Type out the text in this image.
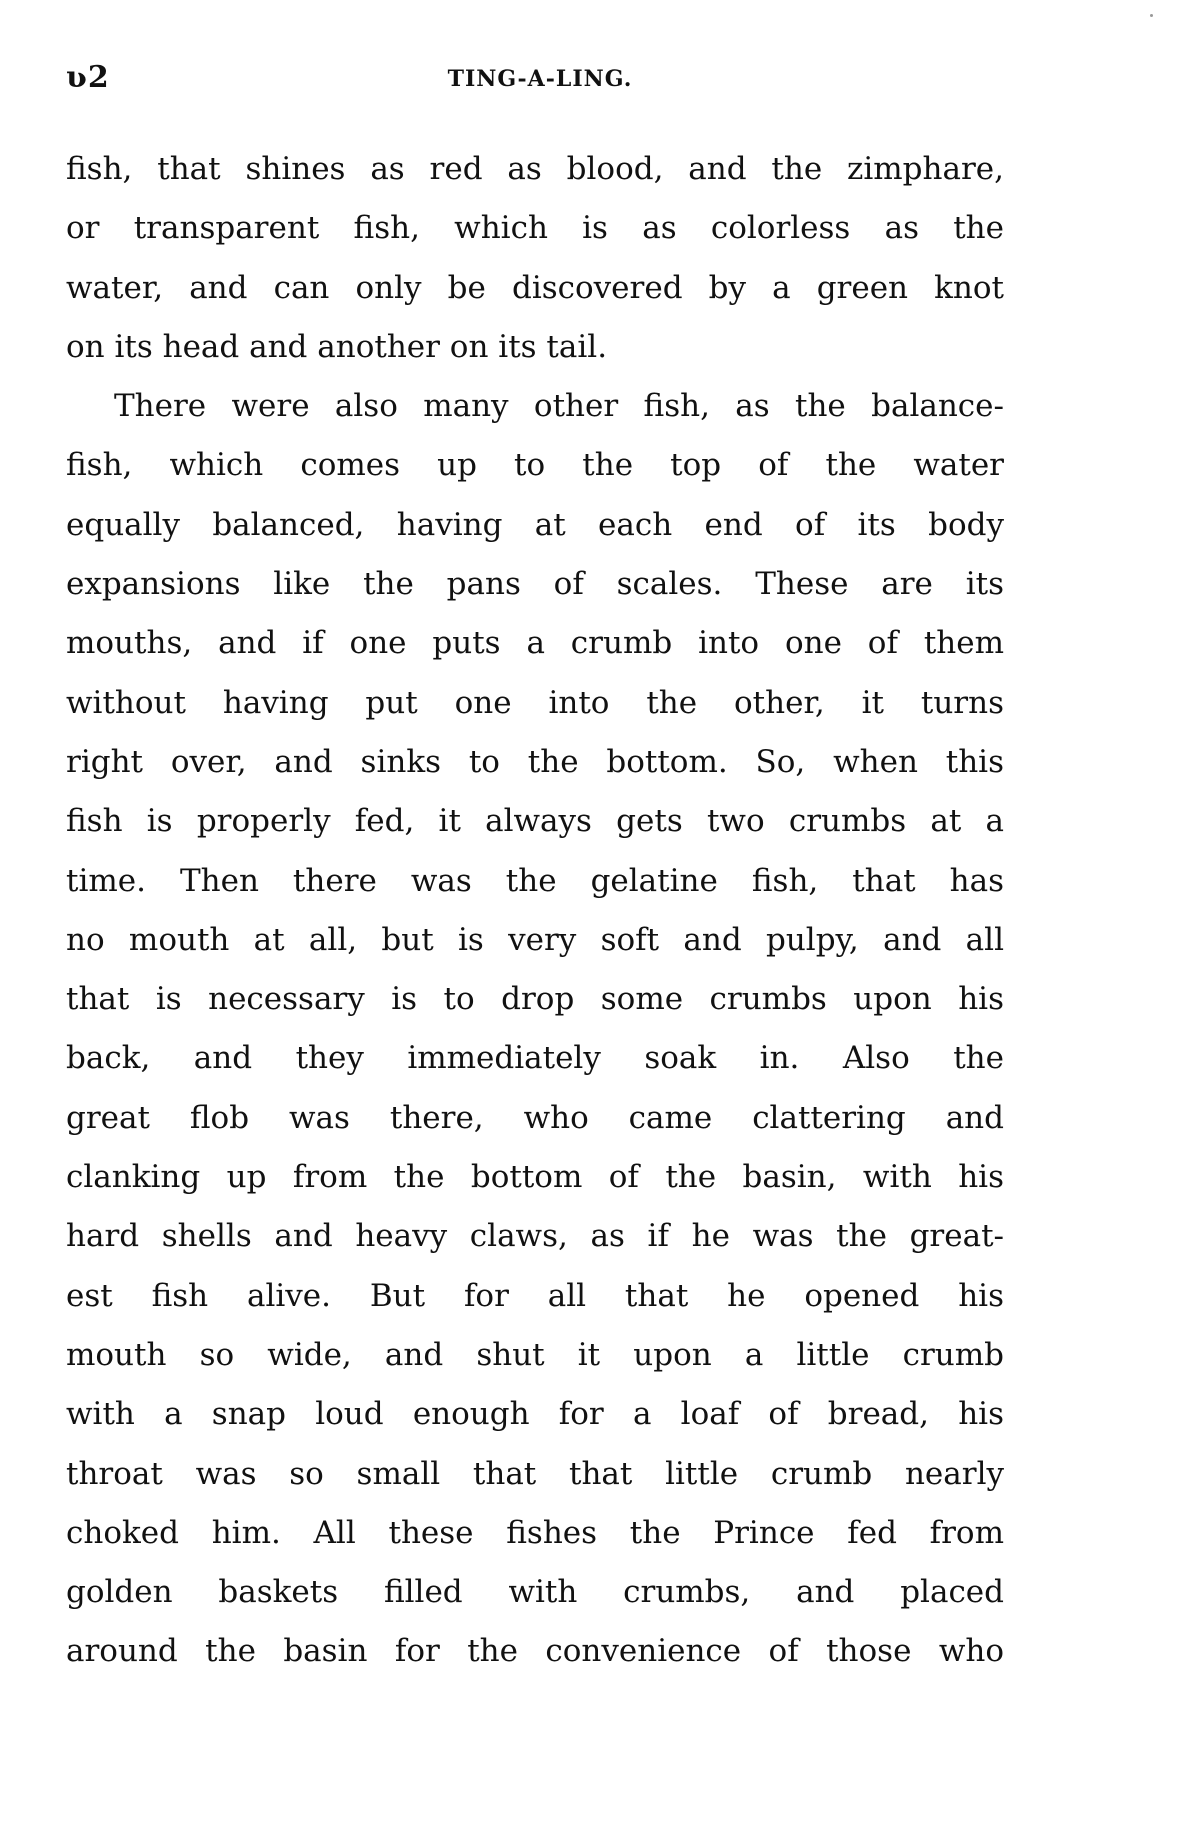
ʋ2	TING-A-LING.
fish, that shines as red as blood, and the zimphare,
or transparent fish, which is as colorless as the
water, and can only be discovered by a green knot
on its head and another on its tail.
There were also many other fish, as the balance-
fish, which comes up to the top of the water
equally balanced, having at each end of its body
expansions like the pans of scales. These are its
mouths, and if one puts a crumb into one of them
without having put one into the other, it turns
right over, and sinks to the bottom. So, when this
fish is properly fed, it always gets two crumbs at a
time. Then there was the gelatine fish, that has
no mouth at all, but is very soft and pulpy, and all
that is necessary is to drop some crumbs upon his
back, and they immediately soak in. Also the
great flob was there, who came clattering and
clanking up from the bottom of the basin, with his
hard shells and heavy claws, as if he was the great-
est fish alive. But for all that he opened his
mouth so wide, and shut it upon a little crumb
with a snap loud enough for a loaf of bread, his
throat was so small that that little crumb nearly
choked him. All these fishes the Prince fed from
golden baskets filled with crumbs, and placed
around the basin for the convenience of those who
